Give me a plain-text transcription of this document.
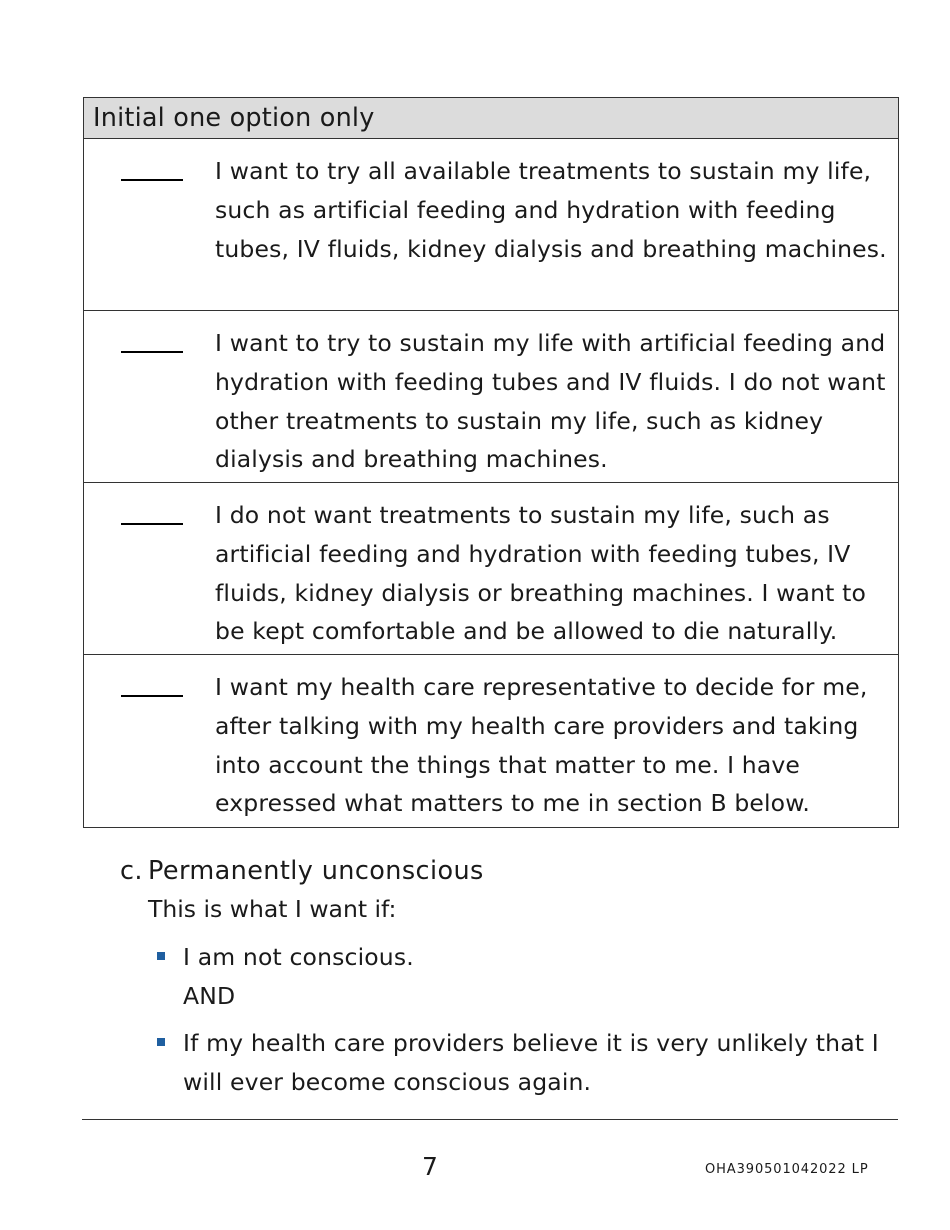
Initial one option only
I want to try all available treatments to sustain my life, such as artificial feeding and hydration with feeding tubes, IV fluids, kidney dialysis and breathing machines.
I want to try to sustain my life with artificial feeding and hydration with feeding tubes and IV fluids. I do not want other treatments to sustain my life, such as kidney dialysis and breathing machines.
I do not want treatments to sustain my life, such as artificial feeding and hydration with feeding tubes, IV fluids, kidney dialysis or breathing machines. I want to be kept comfortable and be allowed to die naturally.
I want my health care representative to decide for me, after talking with my health care providers and taking into account the things that matter to me. I have expressed what matters to me in section B below.
c. Permanently unconscious
This is what I want if:
I am not conscious.
AND
If my health care providers believe it is very unlikely that I will ever become conscious again.
7	OHA390501042022 LP
